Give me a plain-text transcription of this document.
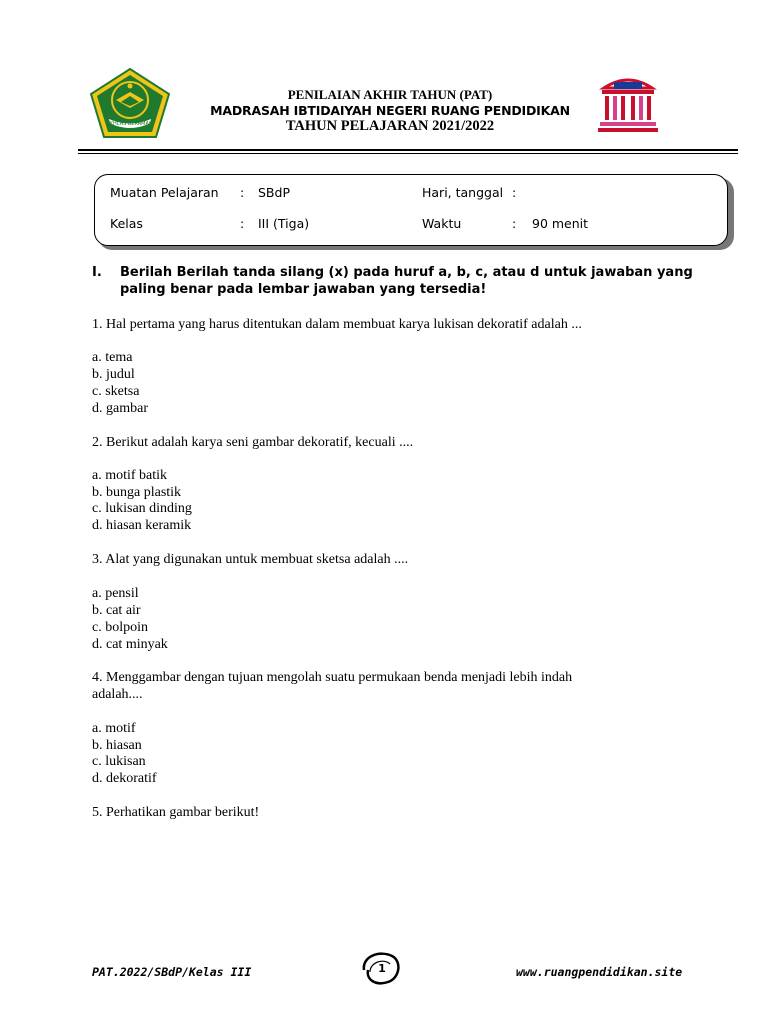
IKHLAS BERAMAL
PENILAIAN AKHIR TAHUN (PAT)
MADRASAH IBTIDAIYAH NEGERI RUANG PENDIDIKAN
TAHUN PELAJARAN 2021/2022
Muatan Pelajaran : SBdP	Hari, tanggal :
Kelas	: III (Tiga)	Waktu	: 90 menit
I. Berilah Berilah tanda silang (x) pada huruf a, b, c, atau d untuk jawaban yang
paling benar pada lembar jawaban yang tersedia!
1. Hal pertama yang harus ditentukan dalam membuat karya lukisan dekoratif adalah ...
a. tema
b. judul
c. sketsa
d. gambar
2. Berikut adalah karya seni gambar dekoratif, kecuali ....
a. motif batik
b. bunga plastik
c. lukisan dinding
d. hiasan keramik
3. Alat yang digunakan untuk membuat sketsa adalah ....
a. pensil
b. cat air
c. bolpoin
d. cat minyak
4. Menggambar dengan tujuan mengolah suatu permukaan benda menjadi lebih indah
adalah....
a. motif
b. hiasan
c. lukisan
d. dekoratif
5. Perhatikan gambar berikut!
PAT.2022/SBdP/Kelas III	1	www.ruangpendidikan.site
